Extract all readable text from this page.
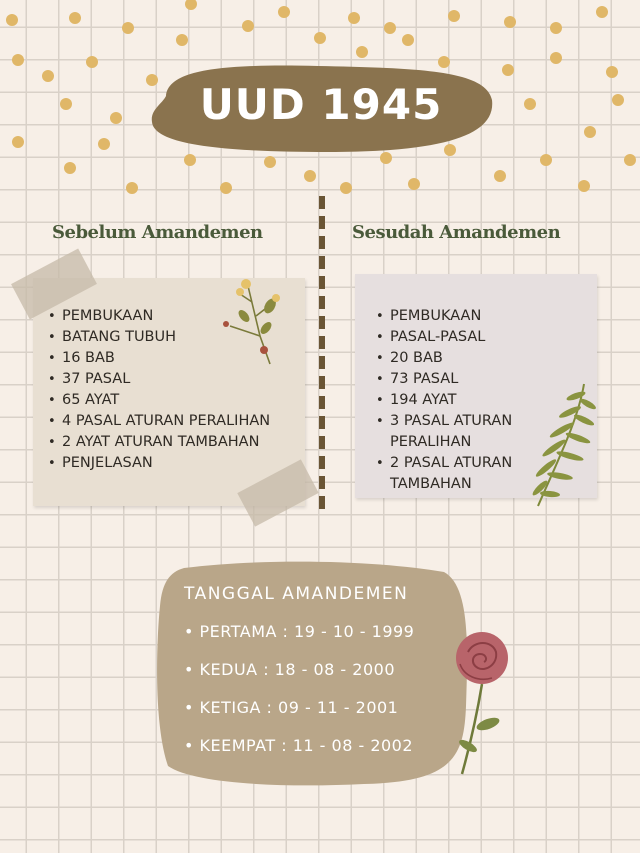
UUD 1945
Sebelum Amandemen	Sesudah Amandemen
• PEMBUKAAN
• BATANG TUBUH
• 16 BAB
• 37 PASAL
• 65 AYAT
• 4 PASAL ATURAN PERALIHAN
• 2 AYAT ATURAN TAMBAHAN
• PENJELASAN
• PEMBUKAAN
• PASAL-PASAL
• 20 BAB
• 73 PASAL
• 194 AYAT
• 3 PASAL ATURAN
PERALIHAN
• 2 PASAL ATURAN
TAMBAHAN
TANGGAL AMANDEMEN
• PERTAMA : 19 - 10 - 1999
• KEDUA : 18 - 08 - 2000
• KETIGA : 09 - 11 - 2001
• KEEMPAT : 11 - 08 - 2002
